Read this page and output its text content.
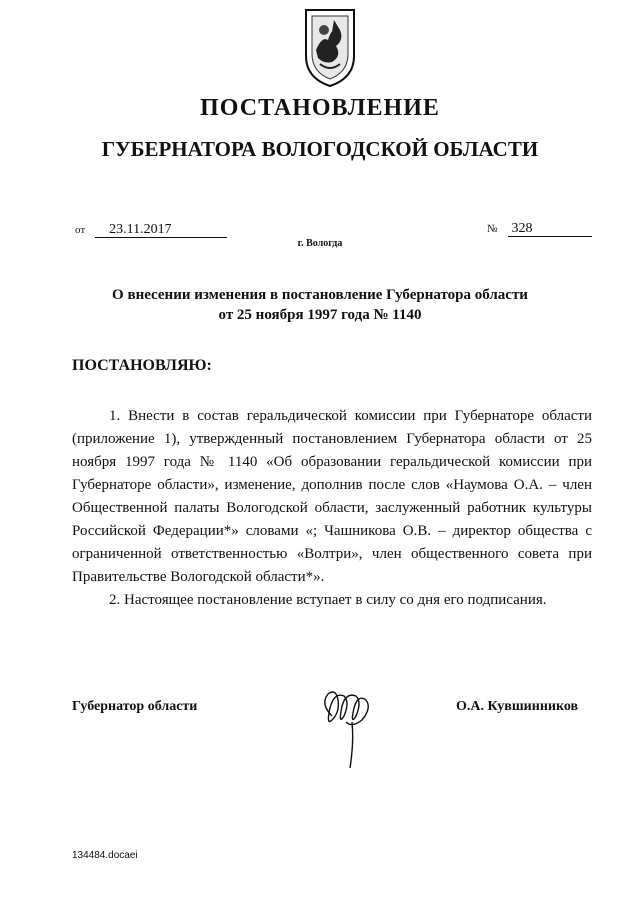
ПОСТАНОВЛЕНИЕ
ГУБЕРНАТОРА ВОЛОГОДСКОЙ ОБЛАСТИ
от 23.11.2017	№ 328
г. Вологда
О внесении изменения в постановление Губернатора области
от 25 ноября 1997 года № 1140
ПОСТАНОВЛЯЮ:

1. Внести в состав геральдической комиссии при Губернаторе области (приложение 1), утвержденный постановлением Губернатора области от 25 ноября 1997 года № 1140 «Об образовании геральдической комиссии при Губернаторе области», изменение, дополнив после слов «Наумова О.А. – член Общественной палаты Вологодской области, заслуженный работник культуры Российской Федерации*» словами «; Чашникова О.В. – директор общества с ограниченной ответственностью «Волтри», член общественного совета при Правительстве Вологодской области*».

2. Настоящее постановление вступает в силу со дня его подписания.

Губернатор области	О.А. Кувшинников
134484.docaei
